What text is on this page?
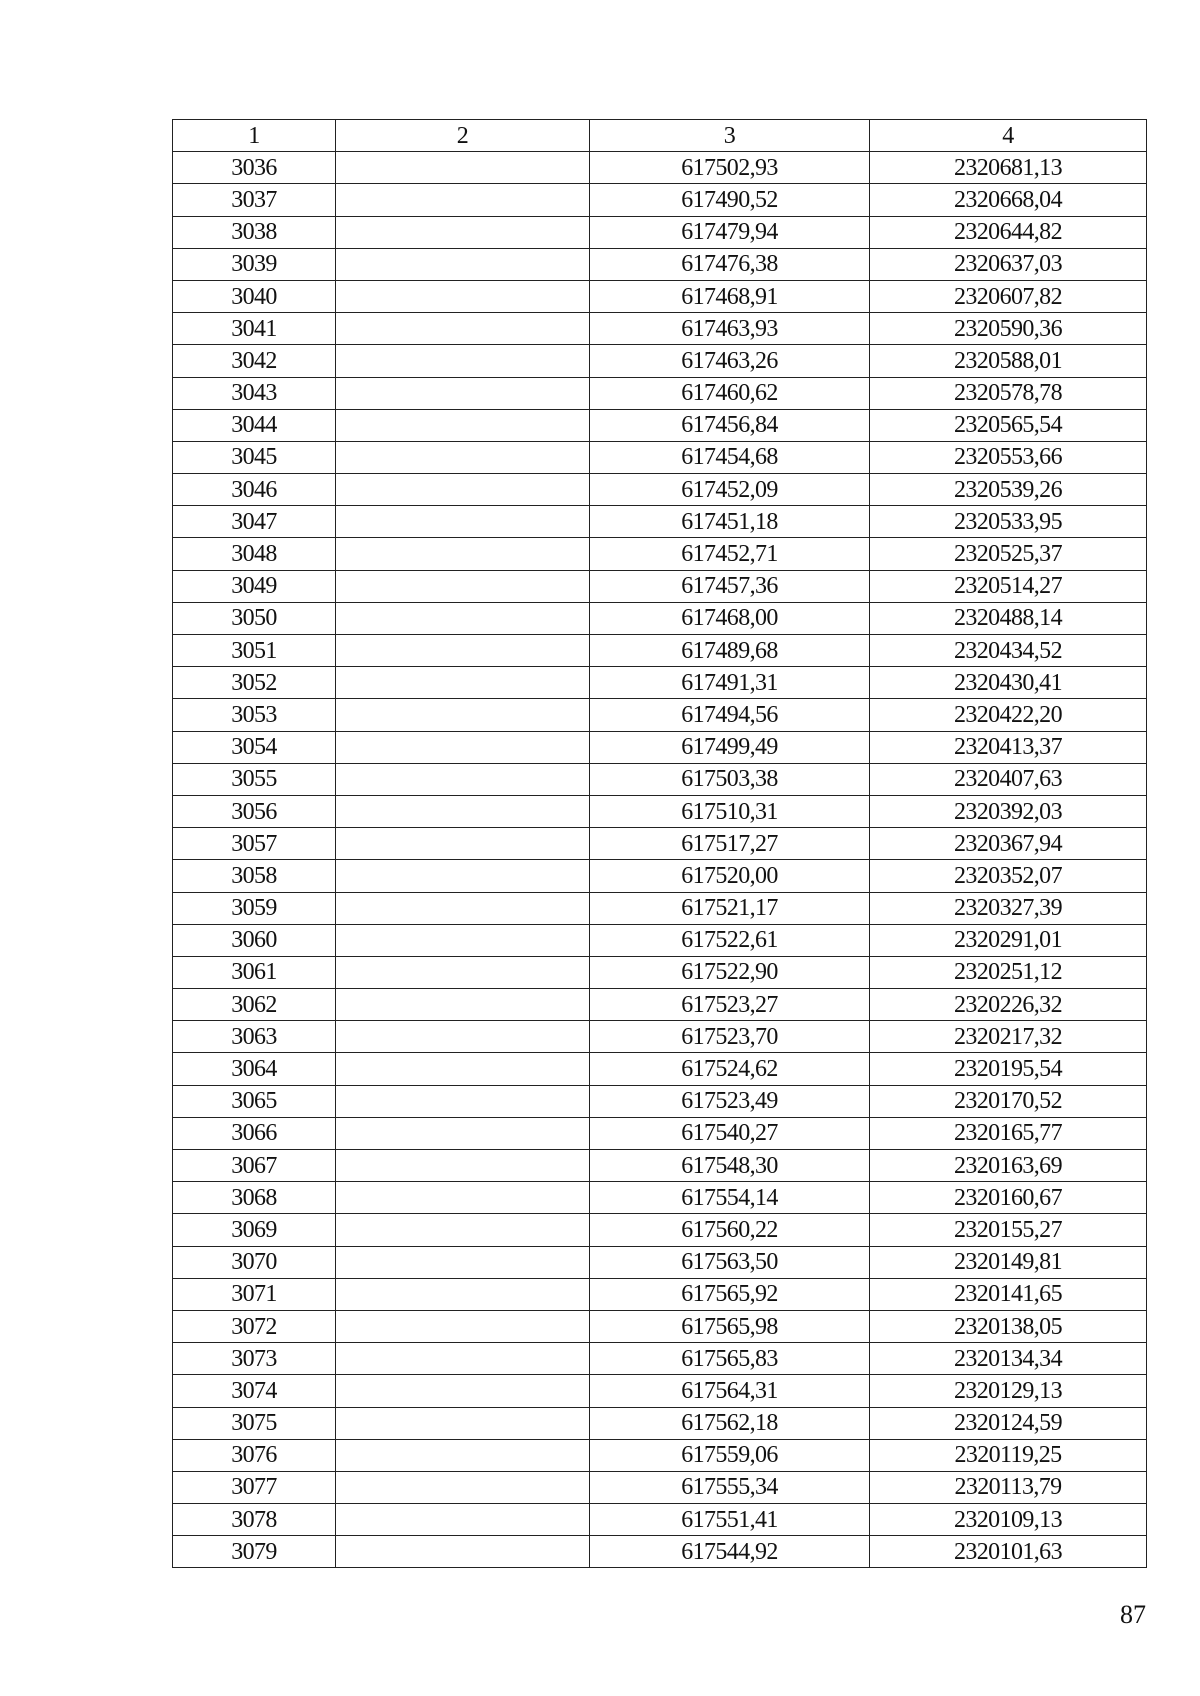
1	2	3	4
3036		617502,93	2320681,13
3037		617490,52	2320668,04
3038		617479,94	2320644,82
3039		617476,38	2320637,03
3040		617468,91	2320607,82
3041		617463,93	2320590,36
3042		617463,26	2320588,01
3043		617460,62	2320578,78
3044		617456,84	2320565,54
3045		617454,68	2320553,66
3046		617452,09	2320539,26
3047		617451,18	2320533,95
3048		617452,71	2320525,37
3049		617457,36	2320514,27
3050		617468,00	2320488,14
3051		617489,68	2320434,52
3052		617491,31	2320430,41
3053		617494,56	2320422,20
3054		617499,49	2320413,37
3055		617503,38	2320407,63
3056		617510,31	2320392,03
3057		617517,27	2320367,94
3058		617520,00	2320352,07
3059		617521,17	2320327,39
3060		617522,61	2320291,01
3061		617522,90	2320251,12
3062		617523,27	2320226,32
3063		617523,70	2320217,32
3064		617524,62	2320195,54
3065		617523,49	2320170,52
3066		617540,27	2320165,77
3067		617548,30	2320163,69
3068		617554,14	2320160,67
3069		617560,22	2320155,27
3070		617563,50	2320149,81
3071		617565,92	2320141,65
3072		617565,98	2320138,05
3073		617565,83	2320134,34
3074		617564,31	2320129,13
3075		617562,18	2320124,59
3076		617559,06	2320119,25
3077		617555,34	2320113,79
3078		617551,41	2320109,13
3079		617544,92	2320101,63
87
